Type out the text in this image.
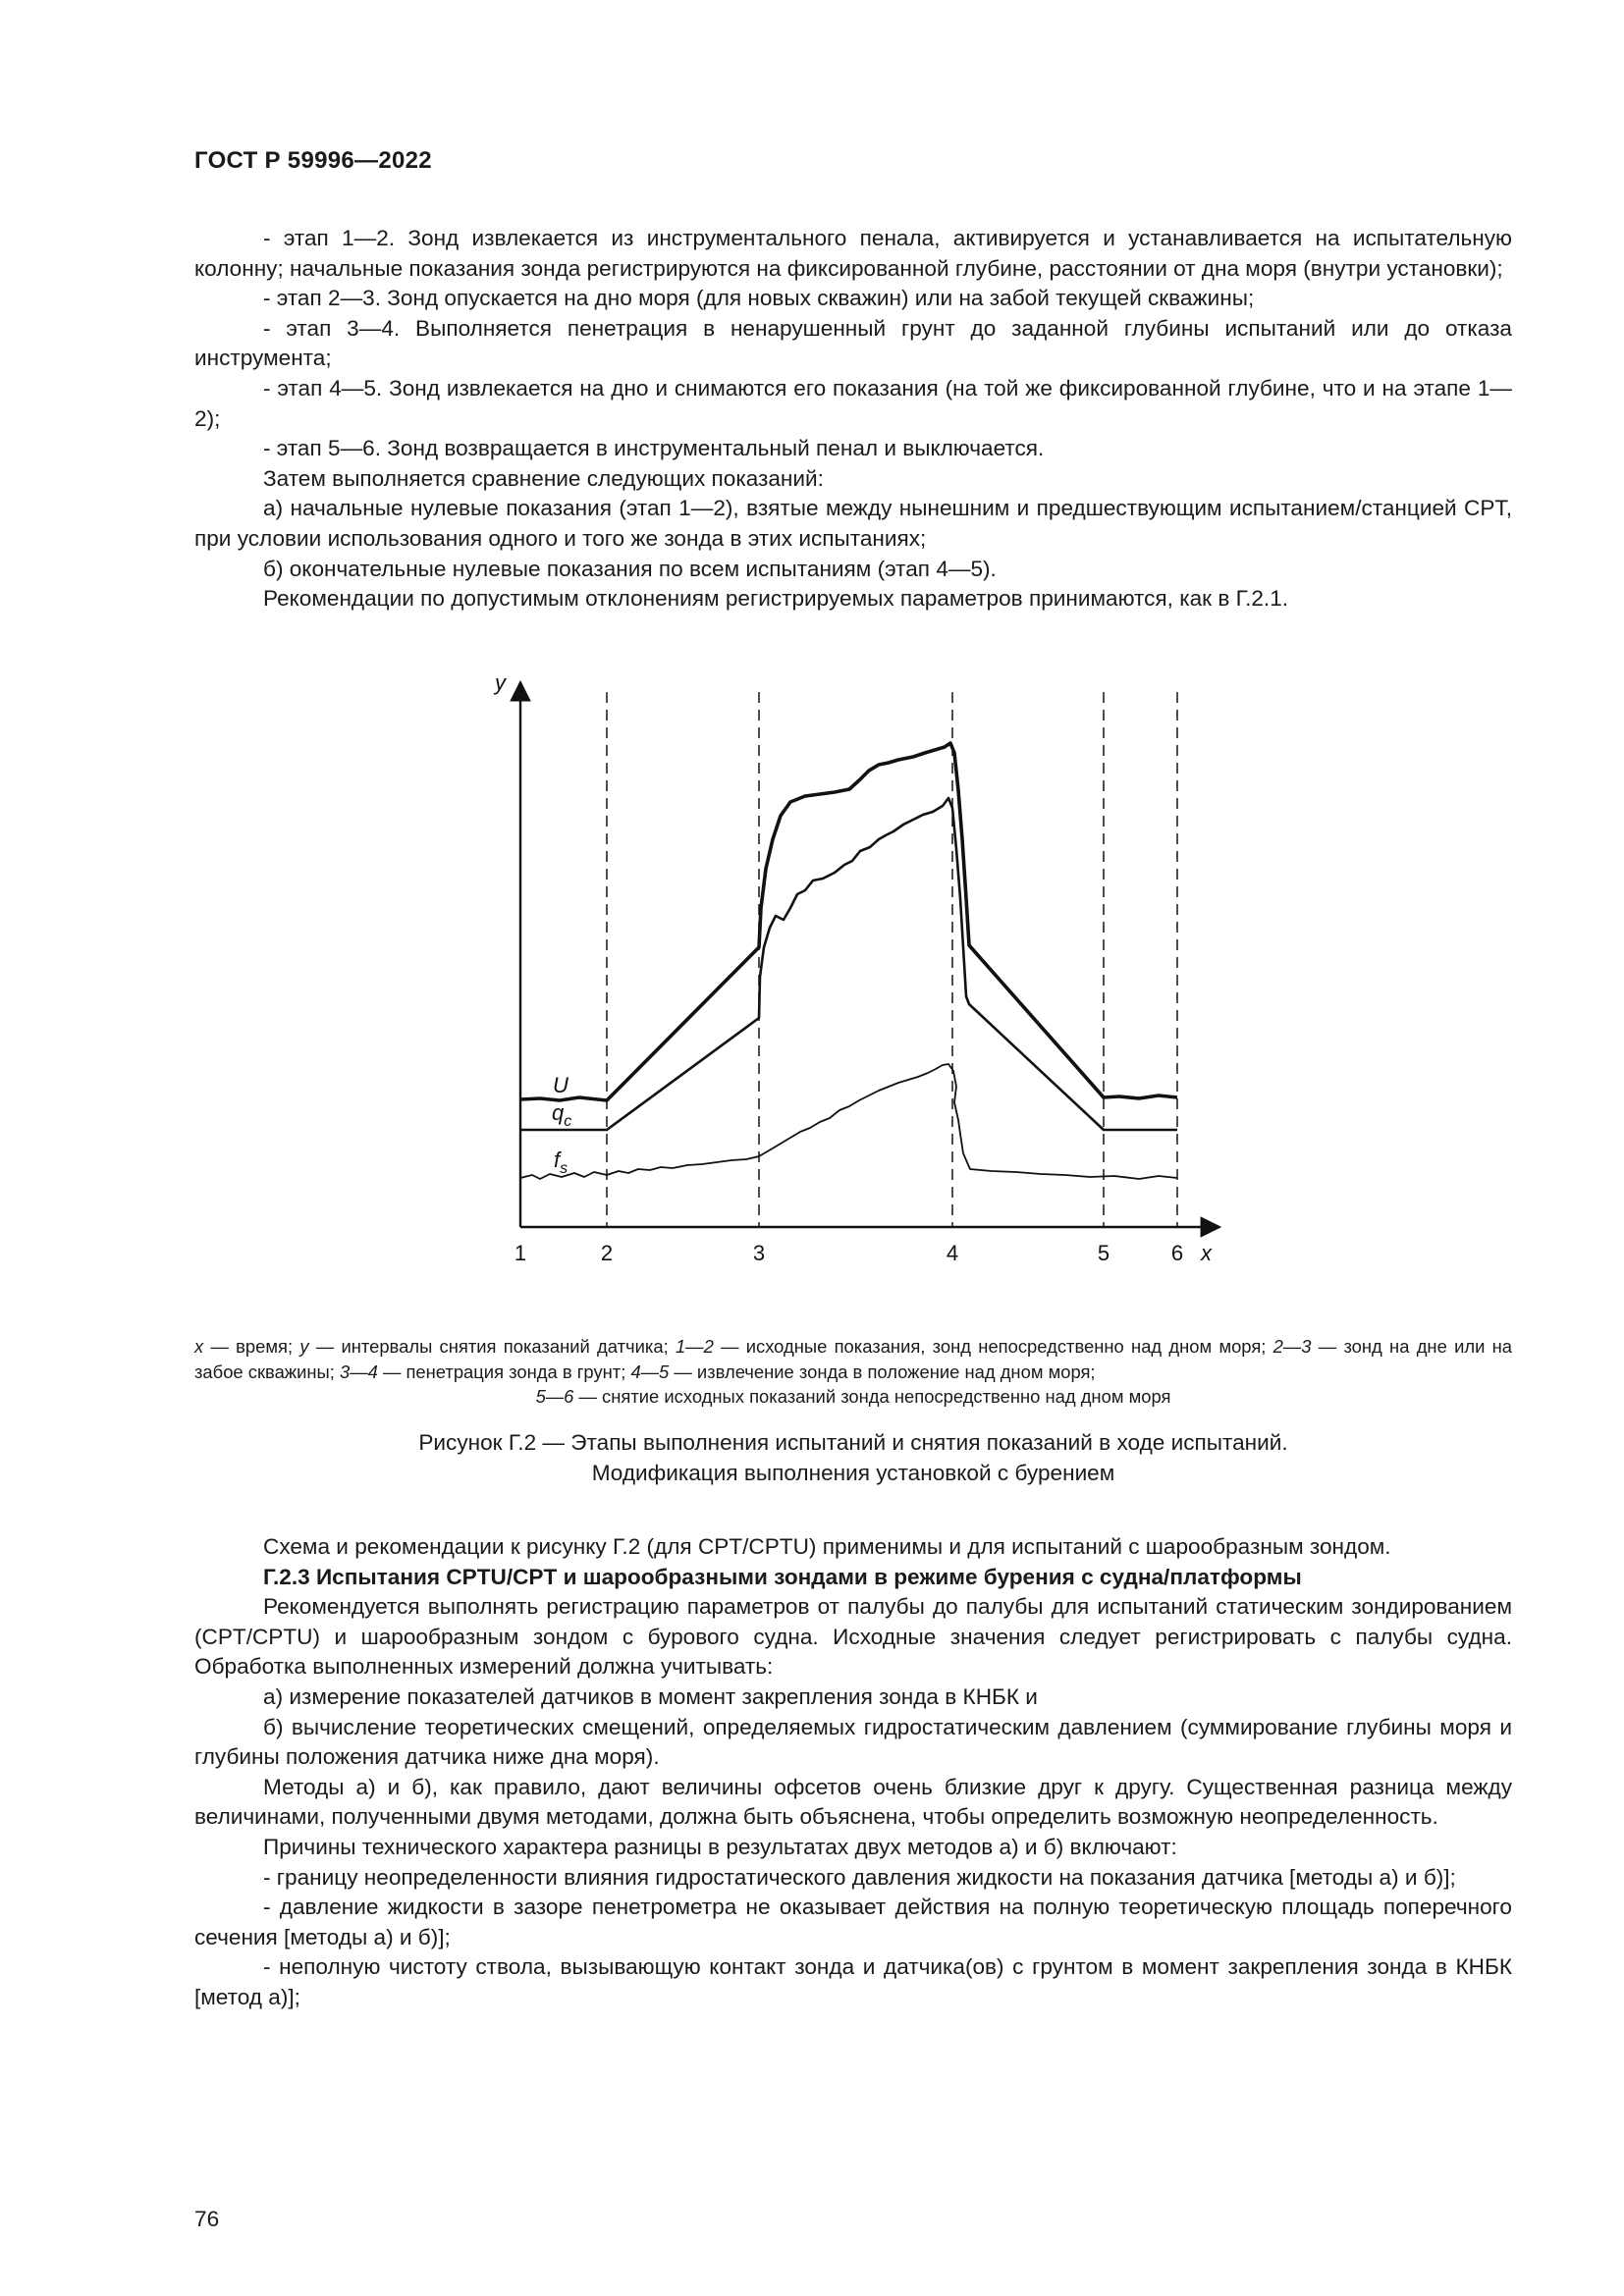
ГОСТ Р 59996—2022

- этап 1—2. Зонд извлекается из инструментального пенала, активируется и устанавливается на испытательную колонну; начальные показания зонда регистрируются на фиксированной глубине, расстоянии от дна моря (внутри установки);

- этап 2—3. Зонд опускается на дно моря (для новых скважин) или на забой текущей скважины;

- этап 3—4. Выполняется пенетрация в ненарушенный грунт до заданной глубины испытаний или до отказа инструмента;

- этап 4—5. Зонд извлекается на дно и снимаются его показания (на той же фиксированной глубине, что и на этапе 1—2);

- этап 5—6. Зонд возвращается в инструментальный пенал и выключается.

Затем выполняется сравнение следующих показаний:

а) начальные нулевые показания (этап 1—2), взятые между нынешним и предшествующим испытанием/станцией CPT, при условии использования одного и того же зонда в этих испытаниях;

б) окончательные нулевые показания по всем испытаниям (этап 4—5).

Рекомендации по допустимым отклонениям регистрируемых параметров принимаются, как в Г.2.1.

y
x
1	2	3	4	5	6
U
$q_c$
$f_s$
x — время; y — интервалы снятия показаний датчика; 1—2 — исходные показания, зонд непосредственно над дном моря; 2—3 — зонд на дне или на забое скважины; 3—4 — пенетрация зонда в грунт; 4—5 — извлечение зонда в положение над дном моря;
5—6 — снятие исходных показаний зонда непосредственно над дном моря
Рисунок Г.2 — Этапы выполнения испытаний и снятия показаний в ходе испытаний.
Модификация выполнения установкой с бурением

Схема и рекомендации к рисунку Г.2 (для CPT/CPTU) применимы и для испытаний с шарообразным зондом.

Г.2.3 Испытания CPTU/CPT и шарообразными зондами в режиме бурения с судна/платформы

Рекомендуется выполнять регистрацию параметров от палубы до палубы для испытаний статическим зондированием (CPT/CPTU) и шарообразным зондом с бурового судна. Исходные значения следует регистрировать с палубы судна. Обработка выполненных измерений должна учитывать:

а) измерение показателей датчиков в момент закрепления зонда в КНБК и

б) вычисление теоретических смещений, определяемых гидростатическим давлением (суммирование глубины моря и глубины положения датчика ниже дна моря).

Методы а) и б), как правило, дают величины офсетов очень близкие друг к другу. Существенная разница между величинами, полученными двумя методами, должна быть объяснена, чтобы определить возможную неопределенность.

Причины технического характера разницы в результатах двух методов а) и б) включают:

- границу неопределенности влияния гидростатического давления жидкости на показания датчика [методы а) и б)];

- давление жидкости в зазоре пенетрометра не оказывает действия на полную теоретическую площадь поперечного сечения [методы а) и б)];

- неполную чистоту ствола, вызывающую контакт зонда и датчика(ов) с грунтом в момент закрепления зонда в КНБК [метод а)];

76
